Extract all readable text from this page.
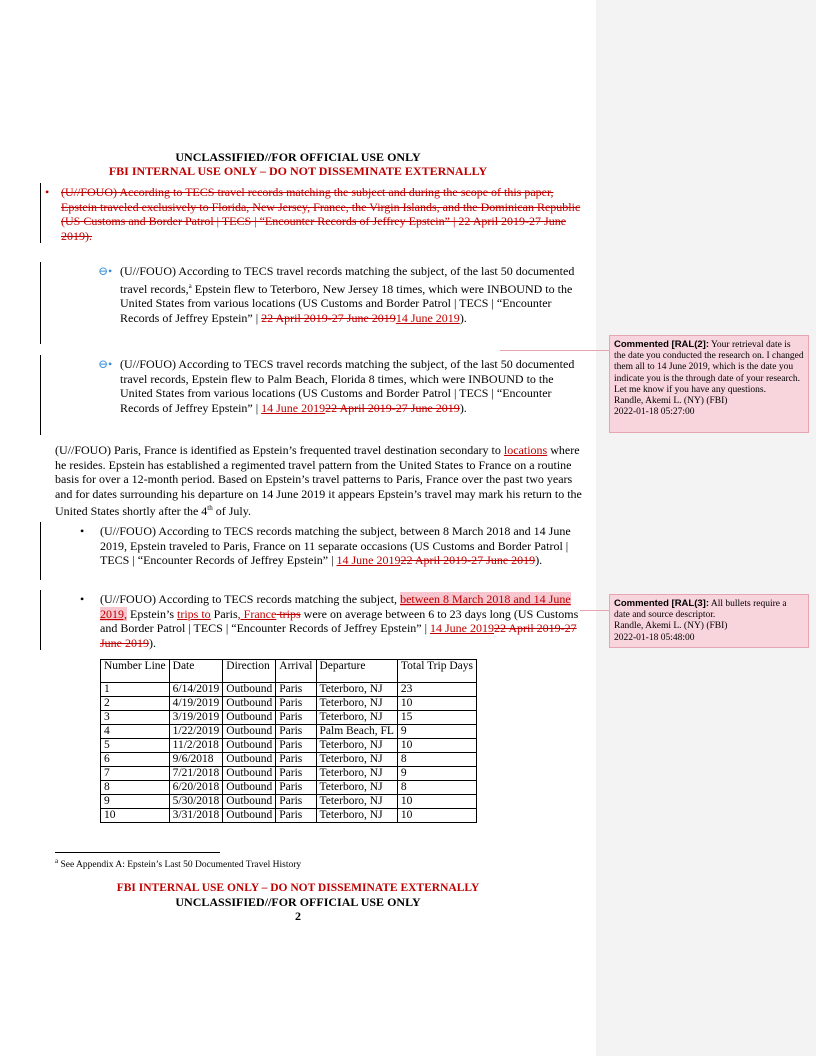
UNCLASSIFIED//FOR OFFICIAL USE ONLY
FBI INTERNAL USE ONLY – DO NOT DISSEMINATE EXTERNALLY
• (U//FOUO) According to TECS travel records matching the subject and during the scope of this paper, Epstein traveled exclusively to Florida, New Jersey, France, the Virgin Islands, and the Dominican Republic (US Customs and Border Patrol | TECS | “Encounter Records of Jeffrey Epstein” | 22 April 2019-27 June 2019).
⊖• (U//FOUO) According to TECS travel records matching the subject, of the last 50 documented travel records,$^a$ Epstein flew to Teterboro, New Jersey 18 times, which were INBOUND to the United States from various locations (US Customs and Border Patrol | TECS | “Encounter Records of Jeffrey Epstein” | 22 April 2019-27 June 201914 June 2019).
⊖• (U//FOUO) According to TECS travel records matching the subject, of the last 50 documented travel records, Epstein flew to Palm Beach, Florida 8 times, which were INBOUND to the United States from various locations (US Customs and Border Patrol | TECS | “Encounter Records of Jeffrey Epstein” | 14 June 201922 April 2019-27 June 2019).
(U//FOUO) Paris, France is identified as Epstein’s frequented travel destination secondary to locations where he resides. Epstein has established a regimented travel pattern from the United States to France on a routine basis for over a 12-month period. Based on Epstein’s travel patterns to Paris, France over the past two years and for dates surrounding his departure on 14 June 2019 it appears Epstein’s travel may mark his return to the United States shortly after the 4th of July.
• (U//FOUO) According to TECS records matching the subject, between 8 March 2018 and 14 June 2019, Epstein traveled to Paris, France on 11 separate occasions (US Customs and Border Patrol | TECS | “Encounter Records of Jeffrey Epstein” | 14 June 201922 April 2019-27 June 2019).
• (U//FOUO) According to TECS records matching the subject, between 8 March 2018 and 14 June 2019, Epstein’s trips to Paris, France trips were on average between 6 to 23 days long (US Customs and Border Patrol | TECS | “Encounter Records of Jeffrey Epstein” | 14 June 201922 April 2019-27 June 2019).
Number Line	Date	Direction	Arrival	Departure	Total Trip Days
1	6/14/2019	Outbound	Paris	Teterboro, NJ	23
2	4/19/2019	Outbound	Paris	Teterboro, NJ	10
3	3/19/2019	Outbound	Paris	Teterboro, NJ	15
4	1/22/2019	Outbound	Paris	Palm Beach, FL	9
5	11/2/2018	Outbound	Paris	Teterboro, NJ	10
6	9/6/2018	Outbound	Paris	Teterboro, NJ	8
7	7/21/2018	Outbound	Paris	Teterboro, NJ	9
8	6/20/2018	Outbound	Paris	Teterboro, NJ	8
9	5/30/2018	Outbound	Paris	Teterboro, NJ	10
10	3/31/2018	Outbound	Paris	Teterboro, NJ	10
$^a$ See Appendix A: Epstein’s Last 50 Documented Travel History
FBI INTERNAL USE ONLY – DO NOT DISSEMINATE EXTERNALLY
UNCLASSIFIED//FOR OFFICIAL USE ONLY
2
Commented [RAL(2]: Your retrieval date is the date you conducted the research on. I changed them all to 14 June 2019, which is the date you indicate you is the through date of your research. Let me know if you have any questions.
Randle, Akemi L. (NY) (FBI)
2022-01-18 05:27:00
Commented [RAL(3]: All bullets require a date and source descriptor.
Randle, Akemi L. (NY) (FBI)
2022-01-18 05:48:00
